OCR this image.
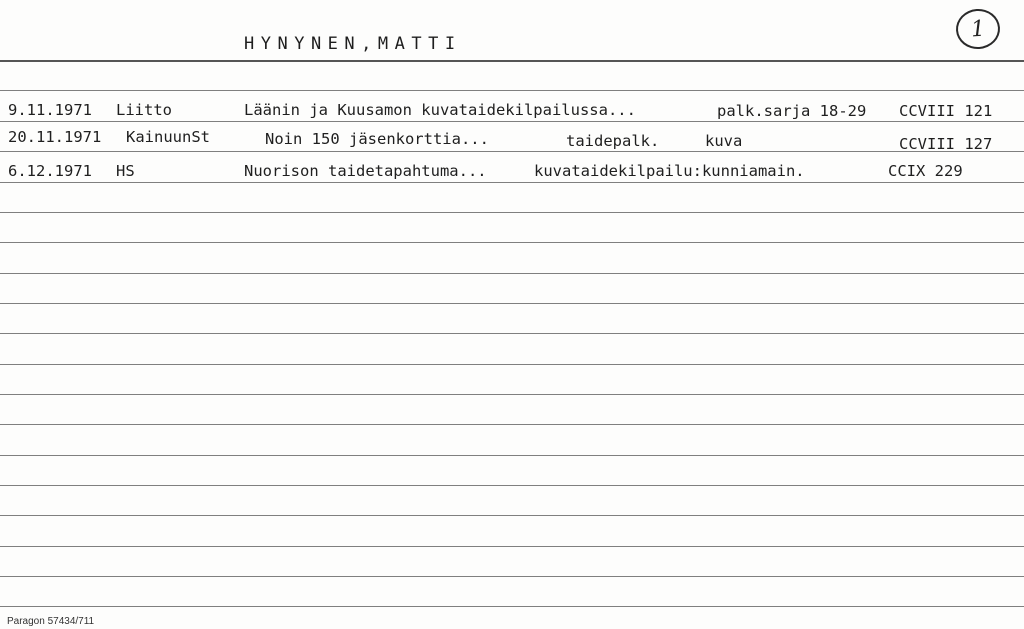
HYNYNEN,MATTI
1
9.11.1971 Liitto	Läänin ja Kuusamon kuvataidekilpailussa...	palk.sarja 18-29 CCVIII 121
20.11.1971 KainuunSt	Noin 150 jäsenkorttia...	taidepalk.	kuva	CCVIII 127
6.12.1971 HS	Nuorison taidetapahtuma...	kuvataidekilpailu:kunniamain.	CCIX 229
Paragon 57434/711
